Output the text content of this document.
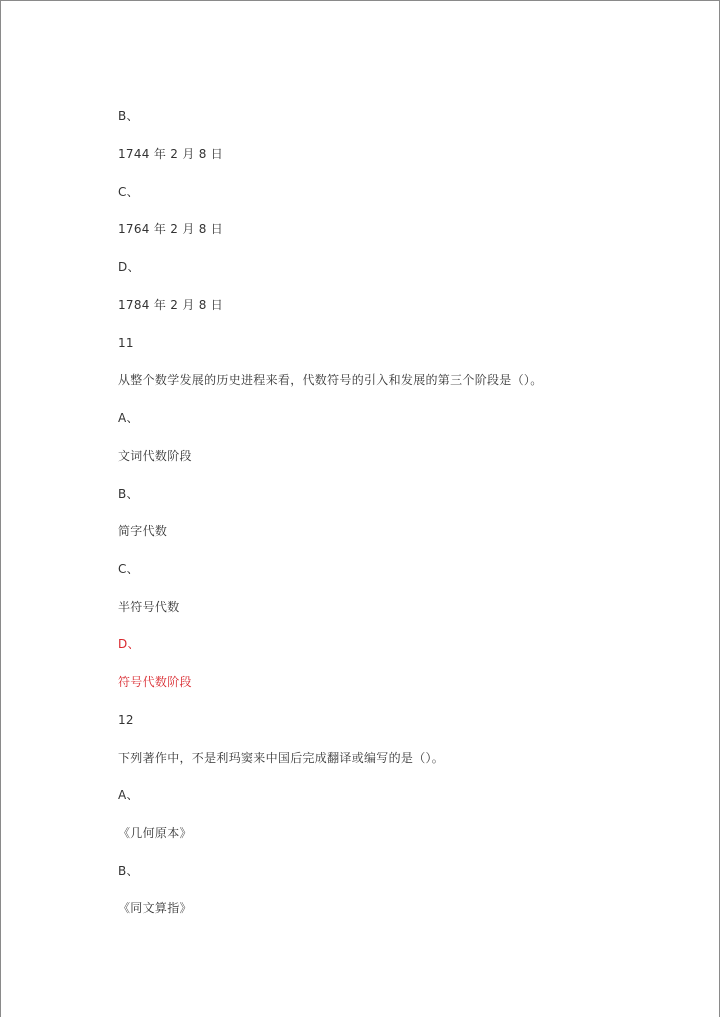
B、
1744 年 2 月 8 日
C、
1764 年 2 月 8 日
D、
1784 年 2 月 8 日
11
从整个数学发展的历史进程来看，代数符号的引入和发展的第三个阶段是（）。
A、
文词代数阶段
B、
简字代数
C、
半符号代数
D、
符号代数阶段
12
下列著作中，不是利玛窦来中国后完成翻译或编写的是（）。
A、
《几何原本》
B、
《同文算指》
